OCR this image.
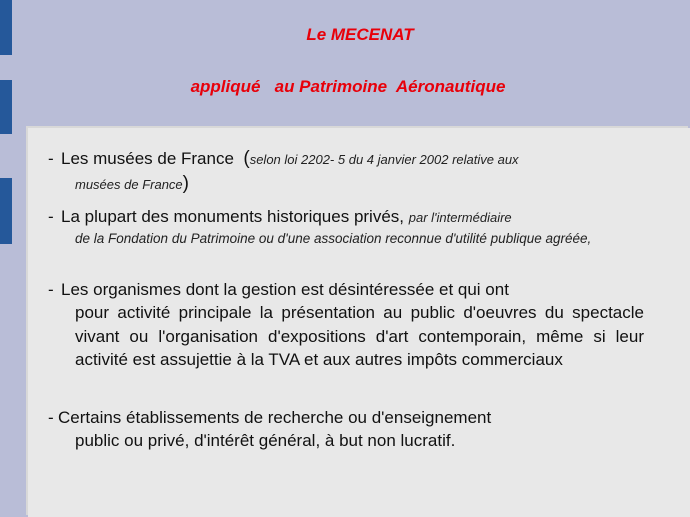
Le MECENAT
appliqué   au Patrimoine  Aéronautique
- Les musées de France (selon loi 2202- 5 du 4 janvier 2002 relative aux
musées de France)
- La plupart des monuments historiques privés, par l'intermédiaire
de la Fondation du Patrimoine ou d'une association reconnue d'utilité publique agréée,
- Les organismes dont la gestion est désintéressée et qui ont
pour activité principale la présentation au public d'oeuvres du spectacle vivant ou l'organisation d'expositions d'art contemporain, même si leur activité est assujettie à la TVA et aux autres impôts commerciaux
- Certains établissements de recherche ou d'enseignement
public ou privé, d'intérêt général, à but non lucratif.
